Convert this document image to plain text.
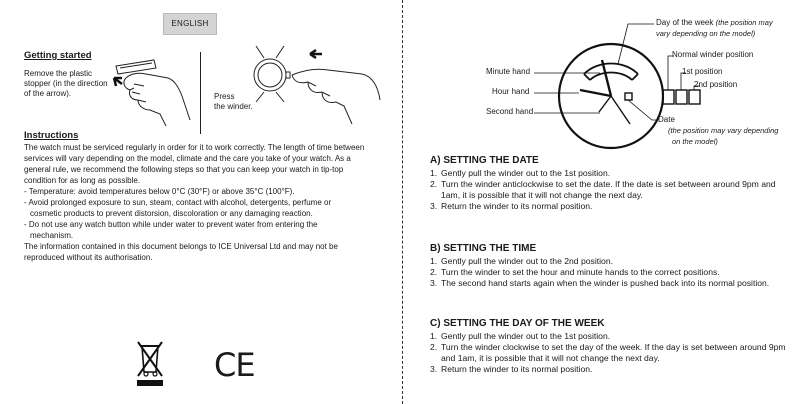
ENGLISH
Getting started
Remove the plastic
stopper (in the direction
of the arrow).	Press
the winder.
Instructions
The watch must be serviced regularly in order for it to work correctly. The length of time between
services will vary depending on the model, climate and the care you take of your watch. As a
general rule, we recommend the following steps so that you can keep your watch in tip-top
condition for as long as possible.
- Temperature: avoid temperatures below 0°C (30°F) or above 35°C (100°F).
- Avoid prolonged exposure to sun, steam, contact with alcohol, detergents, perfume or
cosmetic products to prevent distorsion, discoloration or any damaging reaction.
- Do not use any watch button while under water to prevent water from entering the
mechanism.
The information contained in this document belongs to ICE Universal Ltd and may not be
reproduced without its authorisation.
CE
Minute hand
Hour hand
Second hand
Day of the week (the position may
vary depending on the model)
Normal winder position
1st position
2nd position
Date
(the position may vary depending
on the model)
A) SETTING THE DATE
1. Gently pull the winder out to the 1st position.
2. Turn the winder anticlockwise to set the date. If the date is set between around 9pm and
1am, it is possible that it will not change the next day.
3. Return the winder to its normal position.
B) SETTING THE TIME
1. Gently pull the winder out to the 2nd position.
2. Turn the winder to set the hour and minute hands to the correct positions.
3. The second hand starts again when the winder is pushed back into its normal position.
C) SETTING THE DAY OF THE WEEK
1. Gently pull the winder out to the 1st position.
2. Turn the winder clockwise to set the day of the week. If the day is set between around 9pm
and 1am, it is possible that it will not change the next day.
3. Return the winder to its normal position.
